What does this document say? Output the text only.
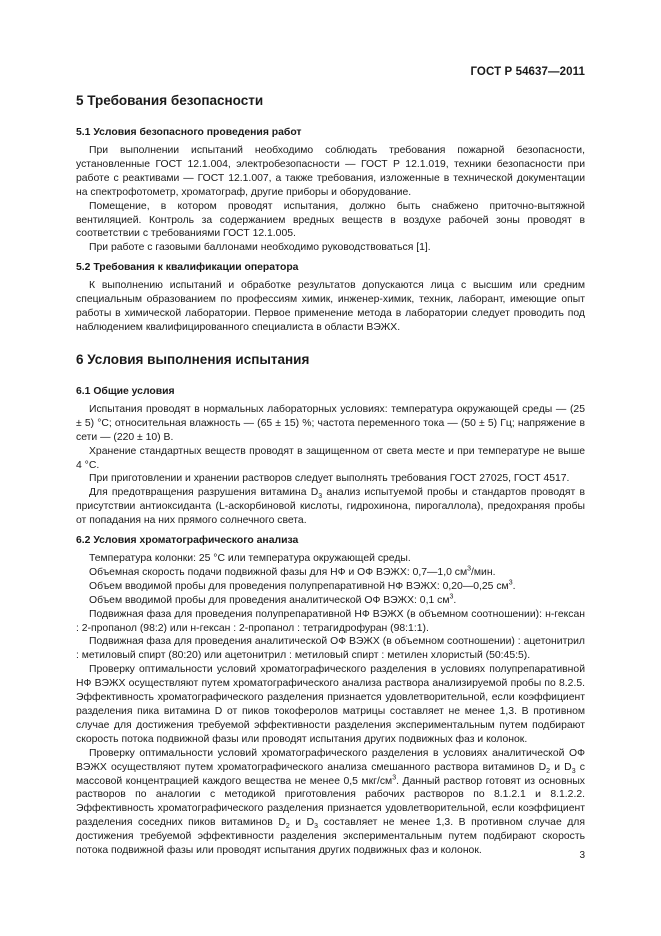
ГОСТ Р 54637—2011
5 Требования безопасности
5.1 Условия безопасного проведения работ

При выполнении испытаний необходимо соблюдать требования пожарной безопасности, установленные ГОСТ 12.1.004, электробезопасности — ГОСТ Р 12.1.019, техники безопасности при работе с реактивами — ГОСТ 12.1.007, а также требования, изложенные в технической документации на спектрофотометр, хроматограф, другие приборы и оборудование.

Помещение, в котором проводят испытания, должно быть снабжено приточно-вытяжной вентиляцией. Контроль за содержанием вредных веществ в воздухе рабочей зоны проводят в соответствии с требованиями ГОСТ 12.1.005.

При работе с газовыми баллонами необходимо руководствоваться [1].

5.2 Требования к квалификации оператора

К выполнению испытаний и обработке результатов допускаются лица с высшим или средним специальным образованием по профессиям химик, инженер-химик, техник, лаборант, имеющие опыт работы в химической лаборатории. Первое применение метода в лаборатории следует проводить под наблюдением квалифицированного специалиста в области ВЭЖХ.

6 Условия выполнения испытания
6.1 Общие условия

Испытания проводят в нормальных лабораторных условиях: температура окружающей среды — (25 ± 5) °С; относительная влажность — (65 ± 15) %; частота переменного тока — (50 ± 5) Гц; напряжение в сети — (220 ± 10) В.

Хранение стандартных веществ проводят в защищенном от света месте и при температуре не выше 4 °С.

При приготовлении и хранении растворов следует выполнять требования ГОСТ 27025, ГОСТ 4517.

Для предотвращения разрушения витамина $D_3$ анализ испытуемой пробы и стандартов проводят в присутствии антиоксиданта (L-аскорбиновой кислоты, гидрохинона, пирогаллола), предохраняя пробы от попадания на них прямого солнечного света.

6.2 Условия хроматографического анализа

Температура колонки: 25 °С или температура окружающей среды.

Объемная скорость подачи подвижной фазы для НФ и ОФ ВЭЖХ: 0,7—1,0 $см^3$/мин.

Объем вводимой пробы для проведения полупрепаративной НФ ВЭЖХ: 0,20—0,25 $см^3$.

Объем вводимой пробы для проведения аналитической ОФ ВЭЖХ: 0,1 $см^3$.

Подвижная фаза для проведения полупрепаративной НФ ВЭЖХ (в объемном соотношении): н-гексан : 2-пропанол (98:2) или н-гексан : 2-пропанол : тетрагидрофуран (98:1:1).

Подвижная фаза для проведения аналитической ОФ ВЭЖХ (в объемном соотношении) : ацетонитрил : метиловый спирт (80:20) или ацетонитрил : метиловый спирт : метилен хлористый (50:45:5).

Проверку оптимальности условий хроматографического разделения в условиях полупрепаративной НФ ВЭЖХ осуществляют путем хроматографического анализа раствора анализируемой пробы по 8.2.5. Эффективность хроматографического разделения признается удовлетворительной, если коэффициент разделения пика витамина D от пиков токоферолов матрицы составляет не менее 1,3. В противном случае для достижения требуемой эффективности разделения экспериментальным путем подбирают скорость потока подвижной фазы или проводят испытания других подвижных фаз и колонок.

Проверку оптимальности условий хроматографического разделения в условиях аналитической ОФ ВЭЖХ осуществляют путем хроматографического анализа смешанного раствора витаминов $D_2$ и $D_3$ с массовой концентрацией каждого вещества не менее 0,5 мкг/$см^3$. Данный раствор готовят из основных растворов по аналогии с методикой приготовления рабочих растворов по 8.1.2.1 и 8.1.2.2. Эффективность хроматографического разделения признается удовлетворительной, если коэффициент разделения соседних пиков витаминов $D_2$ и $D_3$ составляет не менее 1,3. В противном случае для достижения требуемой эффективности разделения экспериментальным путем подбирают скорость потока подвижной фазы или проводят испытания других подвижных фаз и колонок.	3
